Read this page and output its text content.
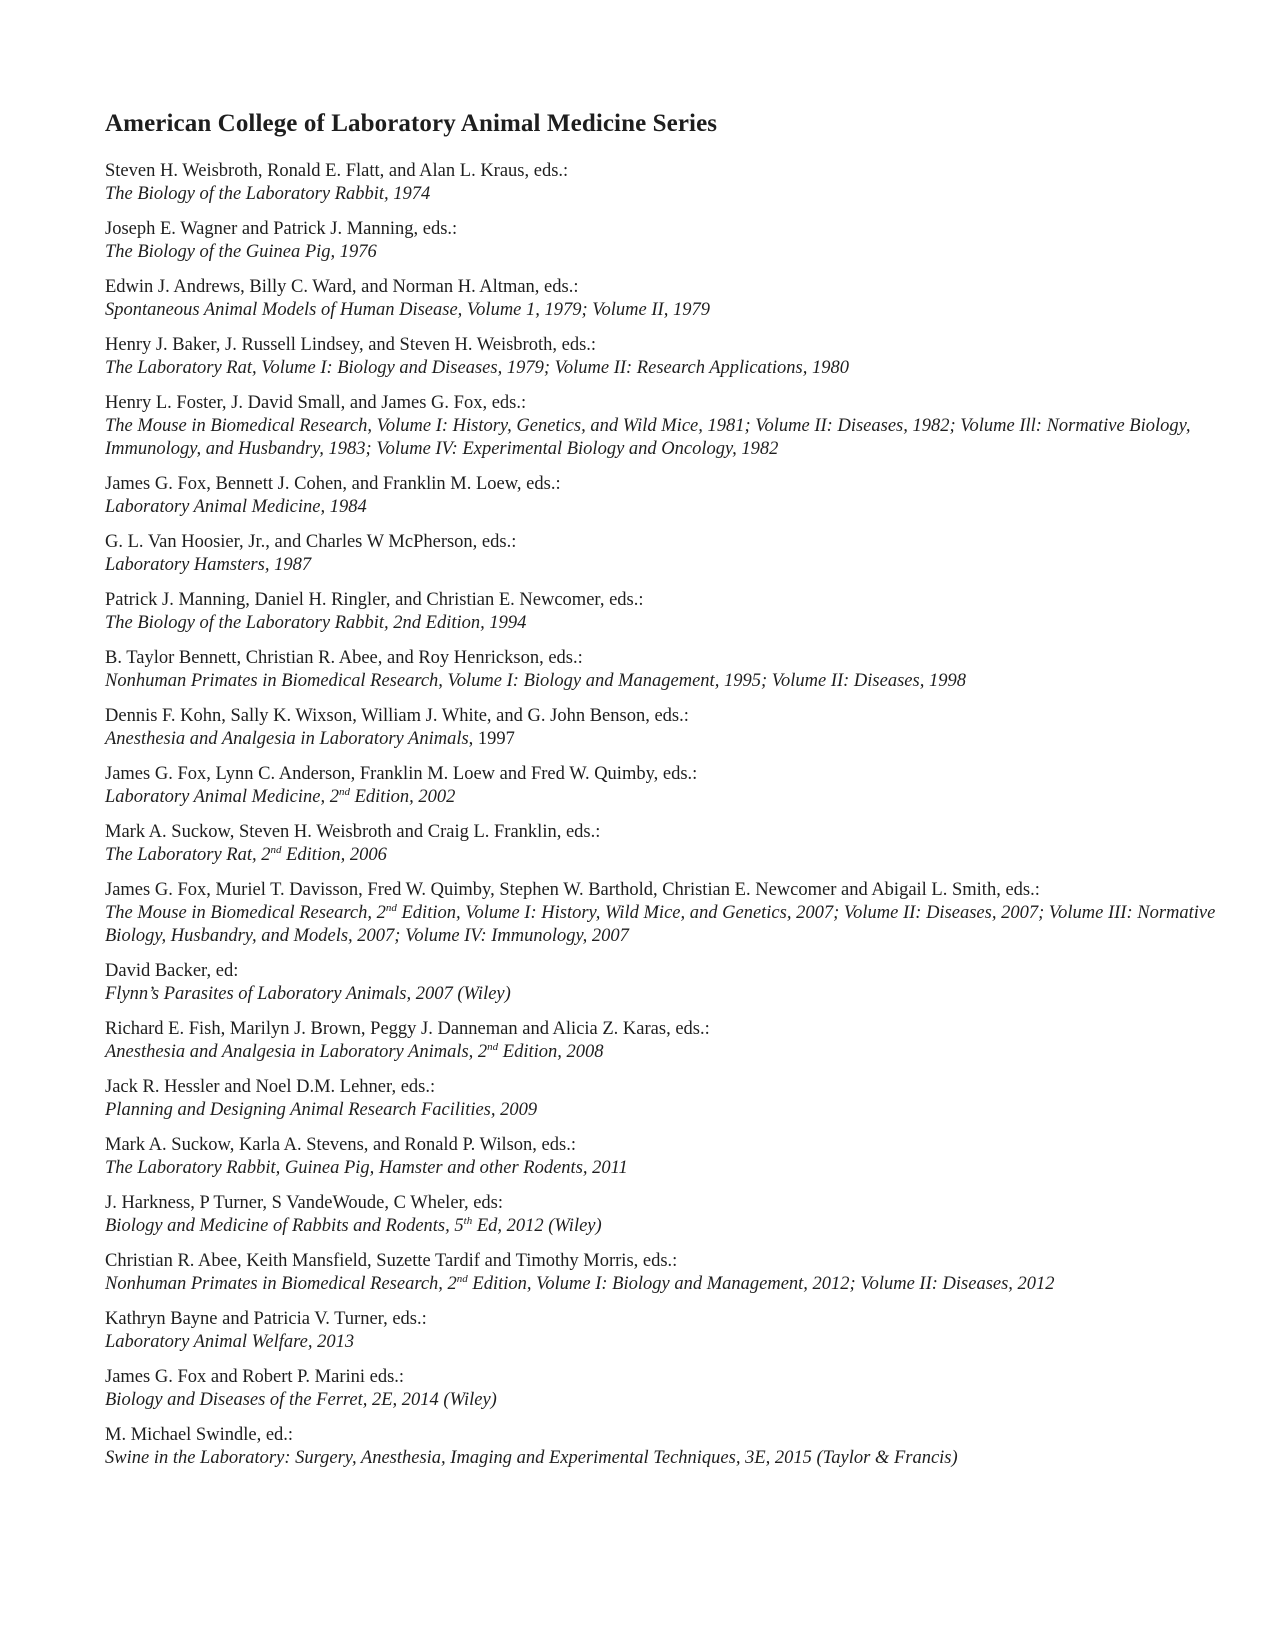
American College of Laboratory Animal Medicine Series
Steven H. Weisbroth, Ronald E. Flatt, and Alan L. Kraus, eds.:
The Biology of the Laboratory Rabbit, 1974
Joseph E. Wagner and Patrick J. Manning, eds.:
The Biology of the Guinea Pig, 1976
Edwin J. Andrews, Billy C. Ward, and Norman H. Altman, eds.:
Spontaneous Animal Models of Human Disease, Volume 1, 1979; Volume II, 1979
Henry J. Baker, J. Russell Lindsey, and Steven H. Weisbroth, eds.:
The Laboratory Rat, Volume I: Biology and Diseases, 1979; Volume II: Research Applications, 1980
Henry L. Foster, J. David Small, and James G. Fox, eds.:
The Mouse in Biomedical Research, Volume I: History, Genetics, and Wild Mice, 1981; Volume II: Diseases, 1982; Volume Ill: Normative Biology, Immunology, and Husbandry, 1983; Volume IV: Experimental Biology and Oncology, 1982
James G. Fox, Bennett J. Cohen, and Franklin M. Loew, eds.:
Laboratory Animal Medicine, 1984
G. L. Van Hoosier, Jr., and Charles W McPherson, eds.:
Laboratory Hamsters, 1987
Patrick J. Manning, Daniel H. Ringler, and Christian E. Newcomer, eds.:
The Biology of the Laboratory Rabbit, 2nd Edition, 1994
B. Taylor Bennett, Christian R. Abee, and Roy Henrickson, eds.:
Nonhuman Primates in Biomedical Research, Volume I: Biology and Management, 1995; Volume II: Diseases, 1998
Dennis F. Kohn, Sally K. Wixson, William J. White, and G. John Benson, eds.:
Anesthesia and Analgesia in Laboratory Animals, 1997
James G. Fox, Lynn C. Anderson, Franklin M. Loew and Fred W. Quimby, eds.:
Laboratory Animal Medicine, 2nd Edition, 2002
Mark A. Suckow, Steven H. Weisbroth and Craig L. Franklin, eds.:
The Laboratory Rat, 2nd Edition, 2006
James G. Fox, Muriel T. Davisson, Fred W. Quimby, Stephen W. Barthold, Christian E. Newcomer and Abigail L. Smith, eds.:
The Mouse in Biomedical Research, 2nd Edition, Volume I: History, Wild Mice, and Genetics, 2007; Volume II: Diseases, 2007; Volume III: Normative Biology, Husbandry, and Models, 2007; Volume IV: Immunology, 2007
David Backer, ed:
Flynn’s Parasites of Laboratory Animals, 2007 (Wiley)
Richard E. Fish, Marilyn J. Brown, Peggy J. Danneman and Alicia Z. Karas, eds.:
Anesthesia and Analgesia in Laboratory Animals, 2nd Edition, 2008
Jack R. Hessler and Noel D.M. Lehner, eds.:
Planning and Designing Animal Research Facilities, 2009
Mark A. Suckow, Karla A. Stevens, and Ronald P. Wilson, eds.:
The Laboratory Rabbit, Guinea Pig, Hamster and other Rodents, 2011
J. Harkness, P Turner, S VandeWoude, C Wheler, eds:
Biology and Medicine of Rabbits and Rodents, 5th Ed, 2012 (Wiley)
Christian R. Abee, Keith Mansfield, Suzette Tardif and Timothy Morris, eds.:
Nonhuman Primates in Biomedical Research, 2nd Edition, Volume I: Biology and Management, 2012; Volume II: Diseases, 2012
Kathryn Bayne and Patricia V. Turner, eds.:
Laboratory Animal Welfare, 2013
James G. Fox and Robert P. Marini eds.:
Biology and Diseases of the Ferret, 2E, 2014 (Wiley)
M. Michael Swindle, ed.:
Swine in the Laboratory: Surgery, Anesthesia, Imaging and Experimental Techniques, 3E, 2015 (Taylor & Francis)
